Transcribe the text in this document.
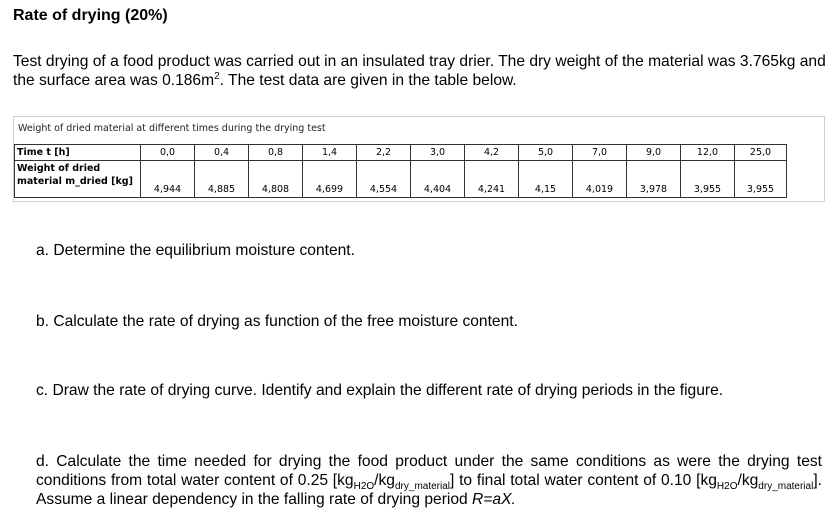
Rate of drying (20%)
Test drying of a food product was carried out in an insulated tray drier. The dry weight of the material was 3.765kg and the surface area was $0.186m^2$. The test data are given in the table below.
Weight of dried material at different times during the drying test
Time t [h]	0,0	0,4	0,8	1,4	2,2	3,0	4,2	5,0	7,0	9,0	12,0	25,0
Weight of dried
material m_dried [kg]	4,944	4,885	4,808	4,699	4,554	4,404	4,241	4,15	4,019	3,978	3,955	3,955
a. Determine the equilibrium moisture content.
b. Calculate the rate of drying as function of the free moisture content.
c. Draw the rate of drying curve. Identify and explain the different rate of drying periods in the figure.
d. Calculate the time needed for drying the food product under the same conditions as were the drying test conditions from total water content of 0.25 $[kg_{H2O}/kg_{dry\_material}]$ to final total water content of 0.10 $[kg_{H2O}/kg_{dry\_material}]$. Assume a linear dependency in the falling rate of drying period R=aX.
